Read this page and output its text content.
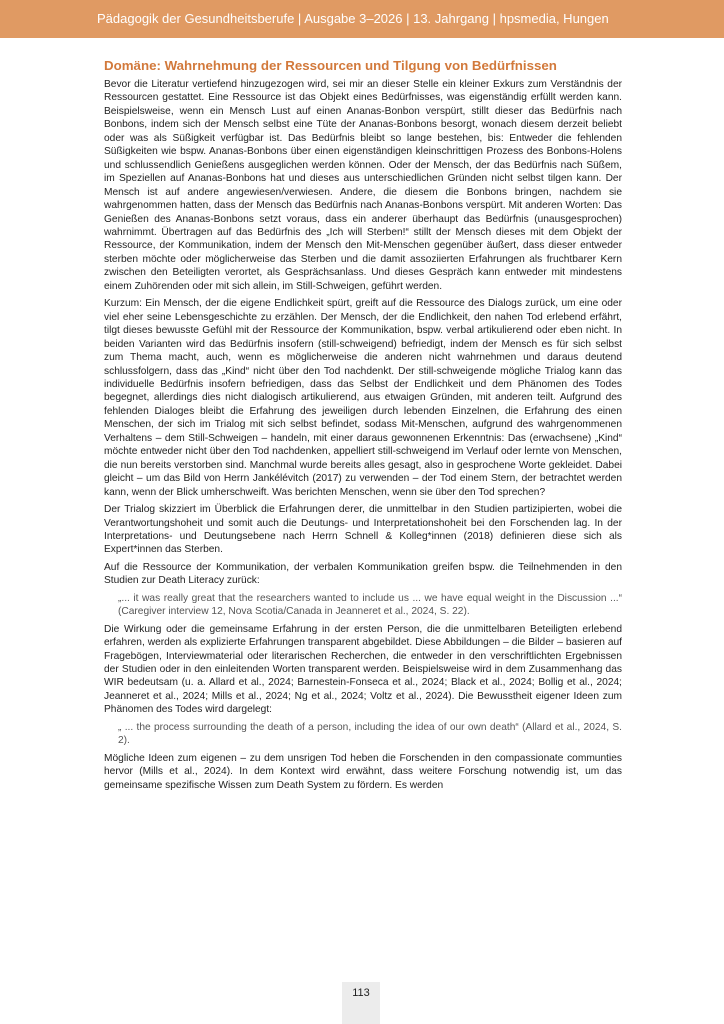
Pädagogik der Gesundheitsberufe | Ausgabe 3–2026 | 13. Jahrgang | hpsmedia, Hungen
Domäne: Wahrnehmung der Ressourcen und Tilgung von Bedürfnissen

Bevor die Literatur vertiefend hinzugezogen wird, sei mir an dieser Stelle ein kleiner Exkurs zum Verständnis der Ressourcen gestattet. Eine Ressource ist das Objekt eines Bedürfnisses, was eigenständig erfüllt werden kann. Beispielsweise, wenn ein Mensch Lust auf einen Ananas-Bonbon verspürt, stillt dieser das Bedürfnis nach Bonbons, indem sich der Mensch selbst eine Tüte der Ananas-Bonbons besorgt, wonach diesem derzeit beliebt oder was als Süßigkeit verfügbar ist. Das Bedürfnis bleibt so lange bestehen, bis: Entweder die fehlenden Süßigkeiten wie bspw. Ananas-Bonbons über einen eigenständigen kleinschrittigen Prozess des Bonbons-Holens und schlussendlich Genießens ausgeglichen werden können. Oder der Mensch, der das Bedürfnis nach Süßem, im Speziellen auf Ananas-Bonbons hat und dieses aus unterschiedlichen Gründen nicht selbst tilgen kann. Der Mensch ist auf andere angewiesen/verwiesen. Andere, die diesem die Bonbons bringen, nachdem sie wahrgenommen hatten, dass der Mensch das Bedürfnis nach Ananas-Bonbons verspürt. Mit anderen Worten: Das Genießen des Ananas-Bonbons setzt voraus, dass ein anderer überhaupt das Bedürfnis (unausgesprochen) wahrnimmt. Übertragen auf das Bedürfnis des „Ich will Sterben!“ stillt der Mensch dieses mit dem Objekt der Ressource, der Kommunikation, indem der Mensch den Mit-Menschen gegenüber äußert, dass dieser entweder sterben möchte oder möglicherweise das Sterben und die damit assoziierten Erfahrungen als fruchtbarer Kern zwischen den Beteiligten verortet, als Gesprächsanlass. Und dieses Gespräch kann entweder mit mindestens einem Zuhörenden oder mit sich allein, im Still-Schweigen, geführt werden.

Kurzum: Ein Mensch, der die eigene Endlichkeit spürt, greift auf die Ressource des Dialogs zurück, um eine oder viel eher seine Lebensgeschichte zu erzählen. Der Mensch, der die Endlichkeit, den nahen Tod erlebend erfährt, tilgt dieses bewusste Gefühl mit der Ressource der Kommunikation, bspw. verbal artikulierend oder eben nicht. In beiden Varianten wird das Bedürfnis insofern (still-schweigend) befriedigt, indem der Mensch es für sich selbst zum Thema macht, auch, wenn es möglicherweise die anderen nicht wahrnehmen und daraus deutend schlussfolgern, dass das „Kind“ nicht über den Tod nachdenkt. Der still-schweigende mögliche Trialog kann das individuelle Bedürfnis insofern befriedigen, dass das Selbst der Endlichkeit und dem Phänomen des Todes begegnet, allerdings dies nicht dialogisch artikulierend, aus etwaigen Gründen, mit anderen teilt. Aufgrund des fehlenden Dialoges bleibt die Erfahrung des jeweiligen durch lebenden Einzelnen, die Erfahrung des einen Menschen, der sich im Trialog mit sich selbst befindet, sodass Mit-Menschen, aufgrund des wahrgenommenen Verhaltens – dem Still-Schweigen – handeln, mit einer daraus gewonnenen Erkenntnis: Das (erwachsene) „Kind“ möchte entweder nicht über den Tod nachdenken, appelliert still-schweigend im Verlauf oder lernte von Menschen, die nun bereits verstorben sind. Manchmal wurde bereits alles gesagt, also in gesprochene Worte gekleidet. Dabei gleicht – um das Bild von Herrn Jankélévitch (2017) zu verwenden – der Tod einem Stern, der betrachtet werden kann, wenn der Blick umherschweift. Was berichten Menschen, wenn sie über den Tod sprechen?

Der Trialog skizziert im Überblick die Erfahrungen derer, die unmittelbar in den Studien partizipierten, wobei die Verantwortungshoheit und somit auch die Deutungs- und Interpretationshoheit bei den Forschenden lag. In der Interpretations- und Deutungsebene nach Herrn Schnell & Kolleg*innen (2018) definieren diese sich als Expert*innen das Sterben.

Auf die Ressource der Kommunikation, der verbalen Kommunikation greifen bspw. die Teilnehmenden in den Studien zur Death Literacy zurück:

„... it was really great that the researchers wanted to include us ... we have equal weight in the Discussion ...“ (Caregiver interview 12, Nova Scotia/Canada in Jeanneret et al., 2024, S. 22).

Die Wirkung oder die gemeinsame Erfahrung in der ersten Person, die die unmittelbaren Beteiligten erlebend erfahren, werden als explizierte Erfahrungen transparent abgebildet. Diese Abbildungen – die Bilder – basieren auf Fragebögen, Interviewmaterial oder literarischen Recherchen, die entweder in den verschriftlichten Ergebnissen der Studien oder in den einleitenden Worten transparent werden. Beispielsweise wird in dem Zusammenhang das WIR bedeutsam (u. a. Allard et al., 2024; Barnestein-Fonseca et al., 2024; Black et al., 2024; Bollig et al., 2024; Jeanneret et al., 2024; Mills et al., 2024; Ng et al., 2024; Voltz et al., 2024). Die Bewusstheit eigener Ideen zum Phänomen des Todes wird dargelegt:

„ ... the process surrounding the death of a person, including the idea of our own death“ (Allard et al., 2024, S. 2).

Mögliche Ideen zum eigenen – zu dem unsrigen Tod heben die Forschenden in den compassionate communties hervor (Mills et al., 2024). In dem Kontext wird erwähnt, dass weitere Forschung notwendig ist, um das gemeinsame spezifische Wissen zum Death System zu fördern. Es werden

113
